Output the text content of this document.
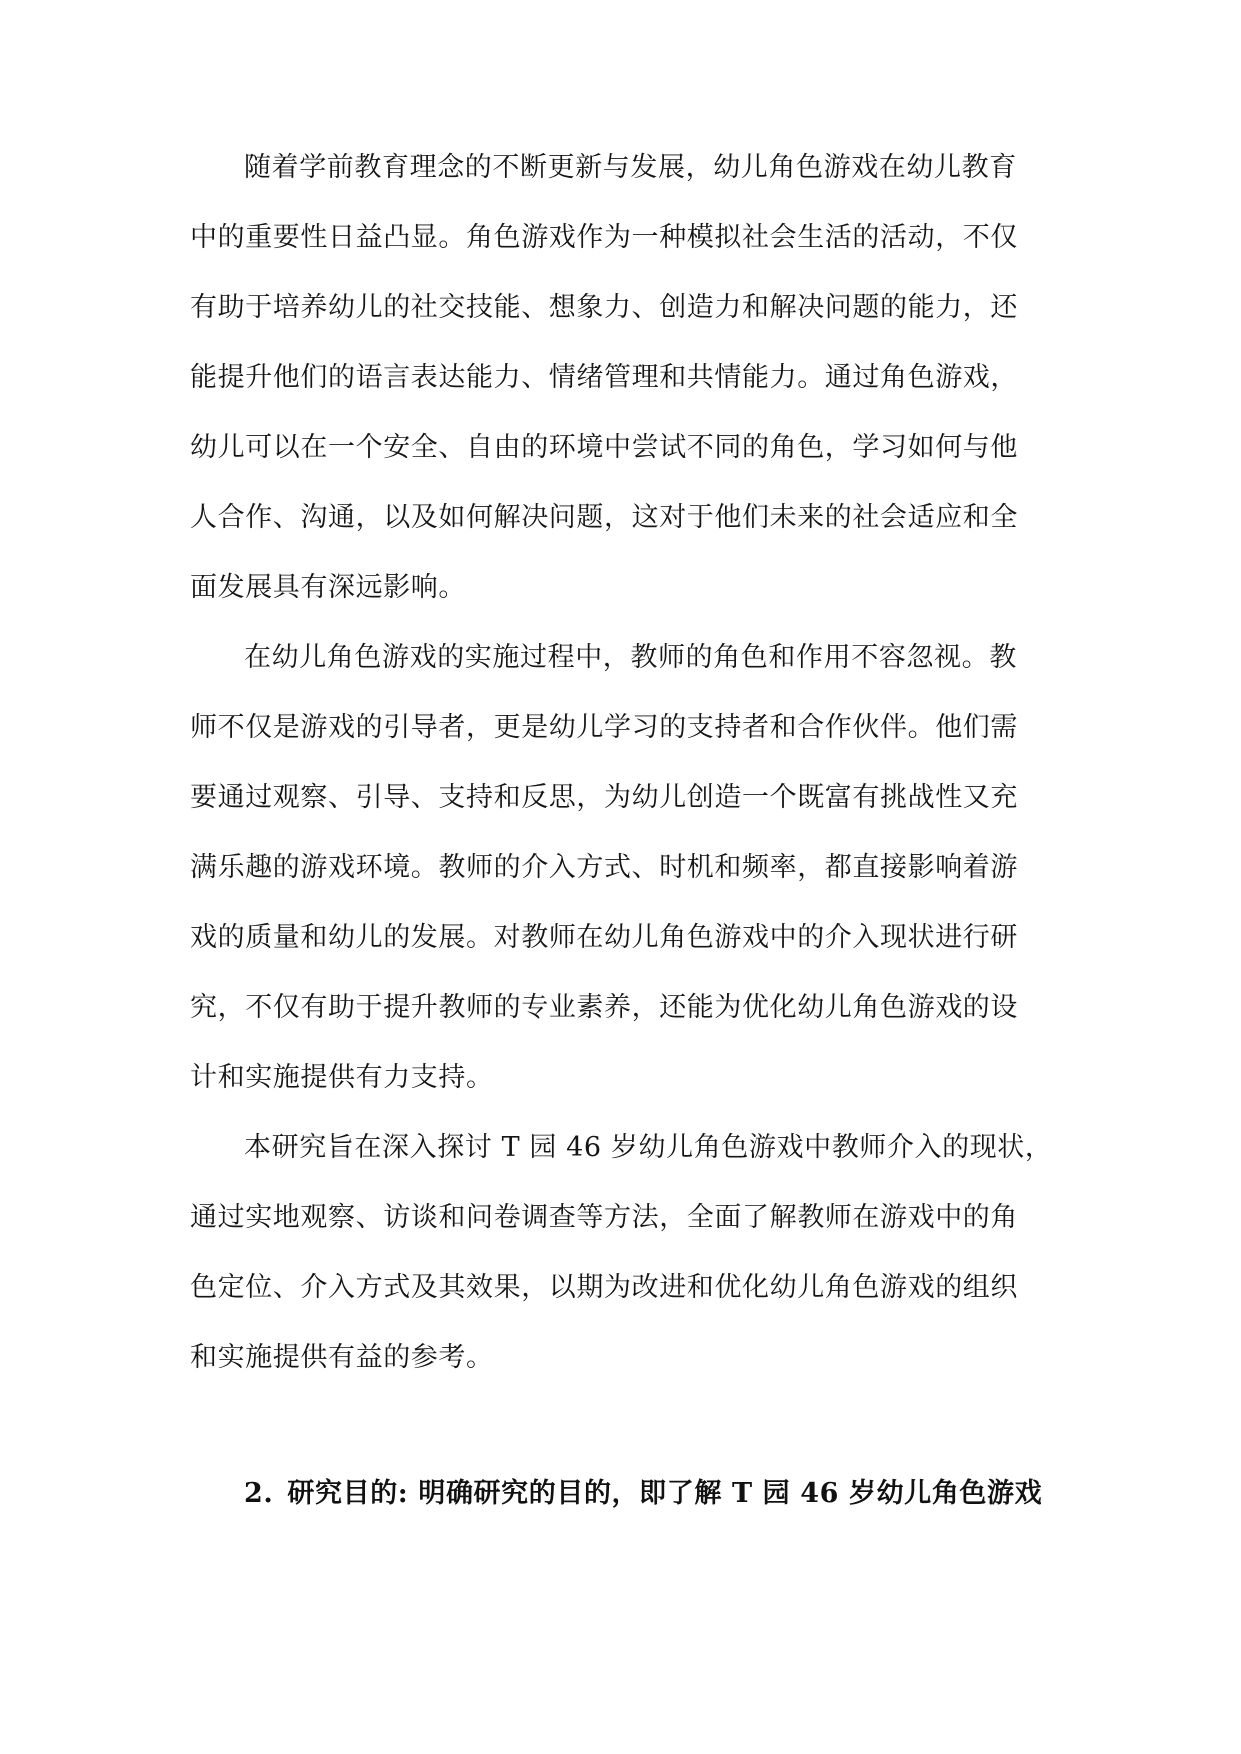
随着学前教育理念的不断更新与发展，幼儿角色游戏在幼儿教育
中的重要性日益凸显。角色游戏作为一种模拟社会生活的活动，不仅
有助于培养幼儿的社交技能、想象力、创造力和解决问题的能力，还
能提升他们的语言表达能力、情绪管理和共情能力。通过角色游戏，
幼儿可以在一个安全、自由的环境中尝试不同的角色，学习如何与他
人合作、沟通，以及如何解决问题，这对于他们未来的社会适应和全
面发展具有深远影响。
在幼儿角色游戏的实施过程中，教师的角色和作用不容忽视。教
师不仅是游戏的引导者，更是幼儿学习的支持者和合作伙伴。他们需
要通过观察、引导、支持和反思，为幼儿创造一个既富有挑战性又充
满乐趣的游戏环境。教师的介入方式、时机和频率，都直接影响着游
戏的质量和幼儿的发展。对教师在幼儿角色游戏中的介入现状进行研
究，不仅有助于提升教师的专业素养，还能为优化幼儿角色游戏的设
计和实施提供有力支持。
本研究旨在深入探讨 T 园 46 岁幼儿角色游戏中教师介入的现状，
通过实地观察、访谈和问卷调查等方法，全面了解教师在游戏中的角
色定位、介入方式及其效果，以期为改进和优化幼儿角色游戏的组织
和实施提供有益的参考。
2. 研究目的: 明确研究的目的，即了解 T 园 46 岁幼儿角色游戏
